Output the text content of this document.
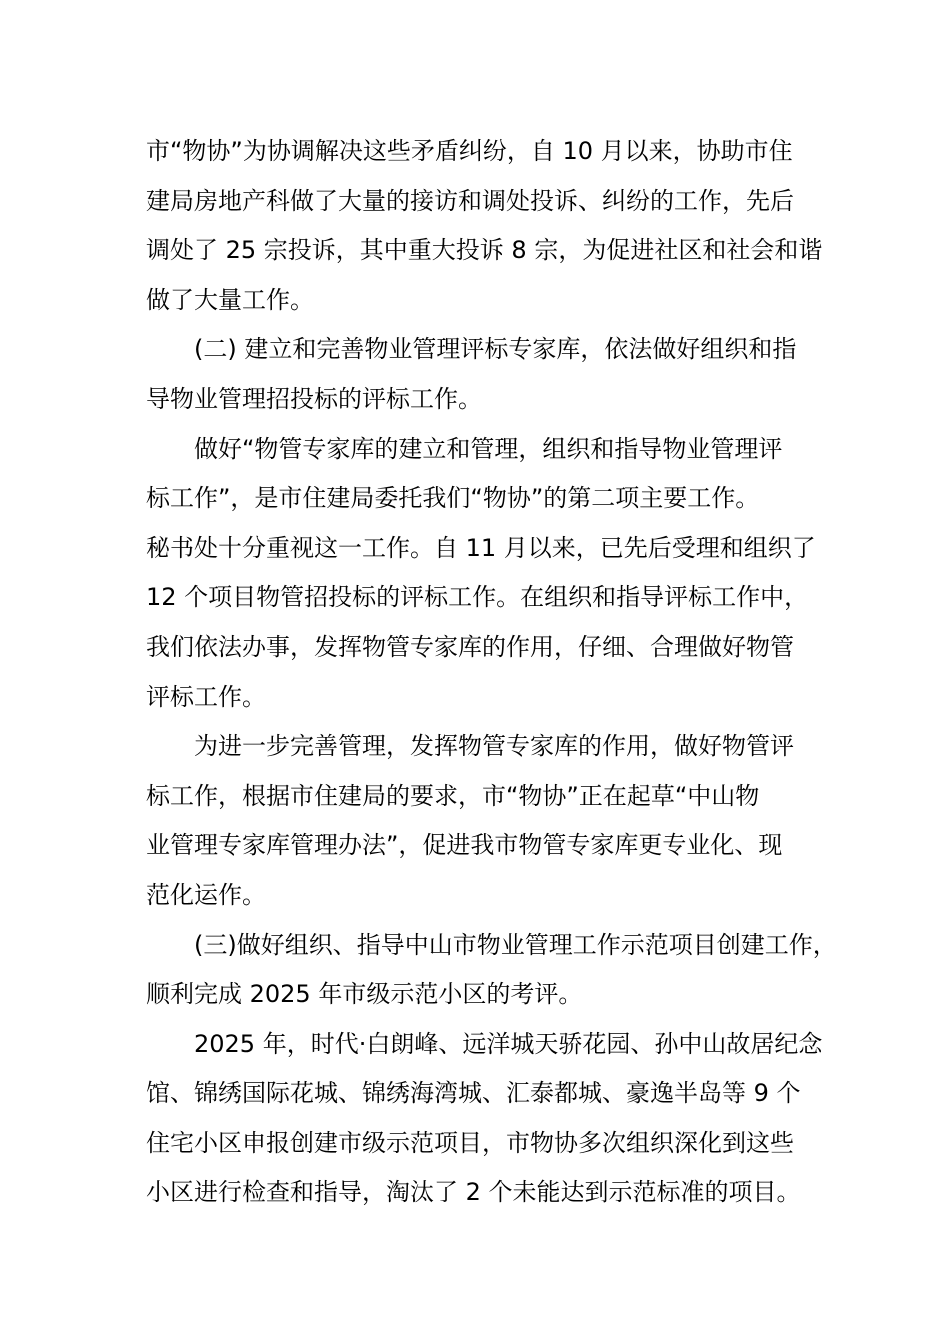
市“物协”为协调解决这些矛盾纠纷，自 10 月以来，协助市住
建局房地产科做了大量的接访和调处投诉、纠纷的工作，先后
调处了 25 宗投诉，其中重大投诉 8 宗，为促进社区和社会和谐
做了大量工作。
(二) 建立和完善物业管理评标专家库，依法做好组织和指
导物业管理招投标的评标工作。
做好“物管专家库的建立和管理，组织和指导物业管理评
标工作”，是市住建局委托我们“物协”的第二项主要工作。
秘书处十分重视这一工作。自 11 月以来，已先后受理和组织了
12 个项目物管招投标的评标工作。在组织和指导评标工作中，
我们依法办事，发挥物管专家库的作用，仔细、合理做好物管
评标工作。
为进一步完善管理，发挥物管专家库的作用，做好物管评
标工作，根据市住建局的要求，市“物协”正在起草“中山物
业管理专家库管理办法”，促进我市物管专家库更专业化、现
范化运作。
(三)做好组织、指导中山市物业管理工作示范项目创建工作，
顺利完成 2025 年市级示范小区的考评。
2025 年，时代·白朗峰、远洋城天骄花园、孙中山故居纪念
馆、锦绣国际花城、锦绣海湾城、汇泰都城、豪逸半岛等 9 个
住宅小区申报创建市级示范项目，市物协多次组织深化到这些
小区进行检查和指导，淘汰了 2 个未能达到示范标准的项目。
